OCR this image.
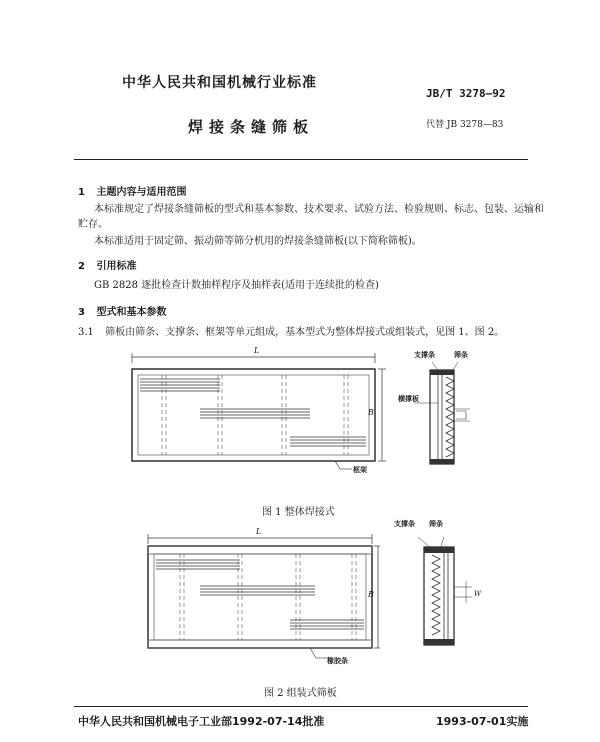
中华人民共和国机械行业标准
JB/T 3278—92
焊接条缝筛板	代替 JB 3278—83
1 主题内容与适用范围
本标准规定了焊接条缝筛板的型式和基本参数、技术要求、试验方法、检验规则、标志、包装、运输和
贮存。
本标准适用于固定筛、振动筛等筛分机用的焊接条缝筛板(以下简称筛板)。
2 引用标准
GB 2828 逐批检查计数抽样程序及抽样表(适用于连续批的检查)
3 型式和基本参数
3.1 筛板由筛条、支撑条、框架等单元组成，基本型式为整体焊接式或组装式，见图 1、图 2。
L
B
框架
支撑条	筛条
横撑板
图 1 整体焊接式
L
B
橡胶条
支撑条 筛条
W
图 2 组装式筛板
中华人民共和国机械电子工业部1992-07-14批准	1993-07-01实施
